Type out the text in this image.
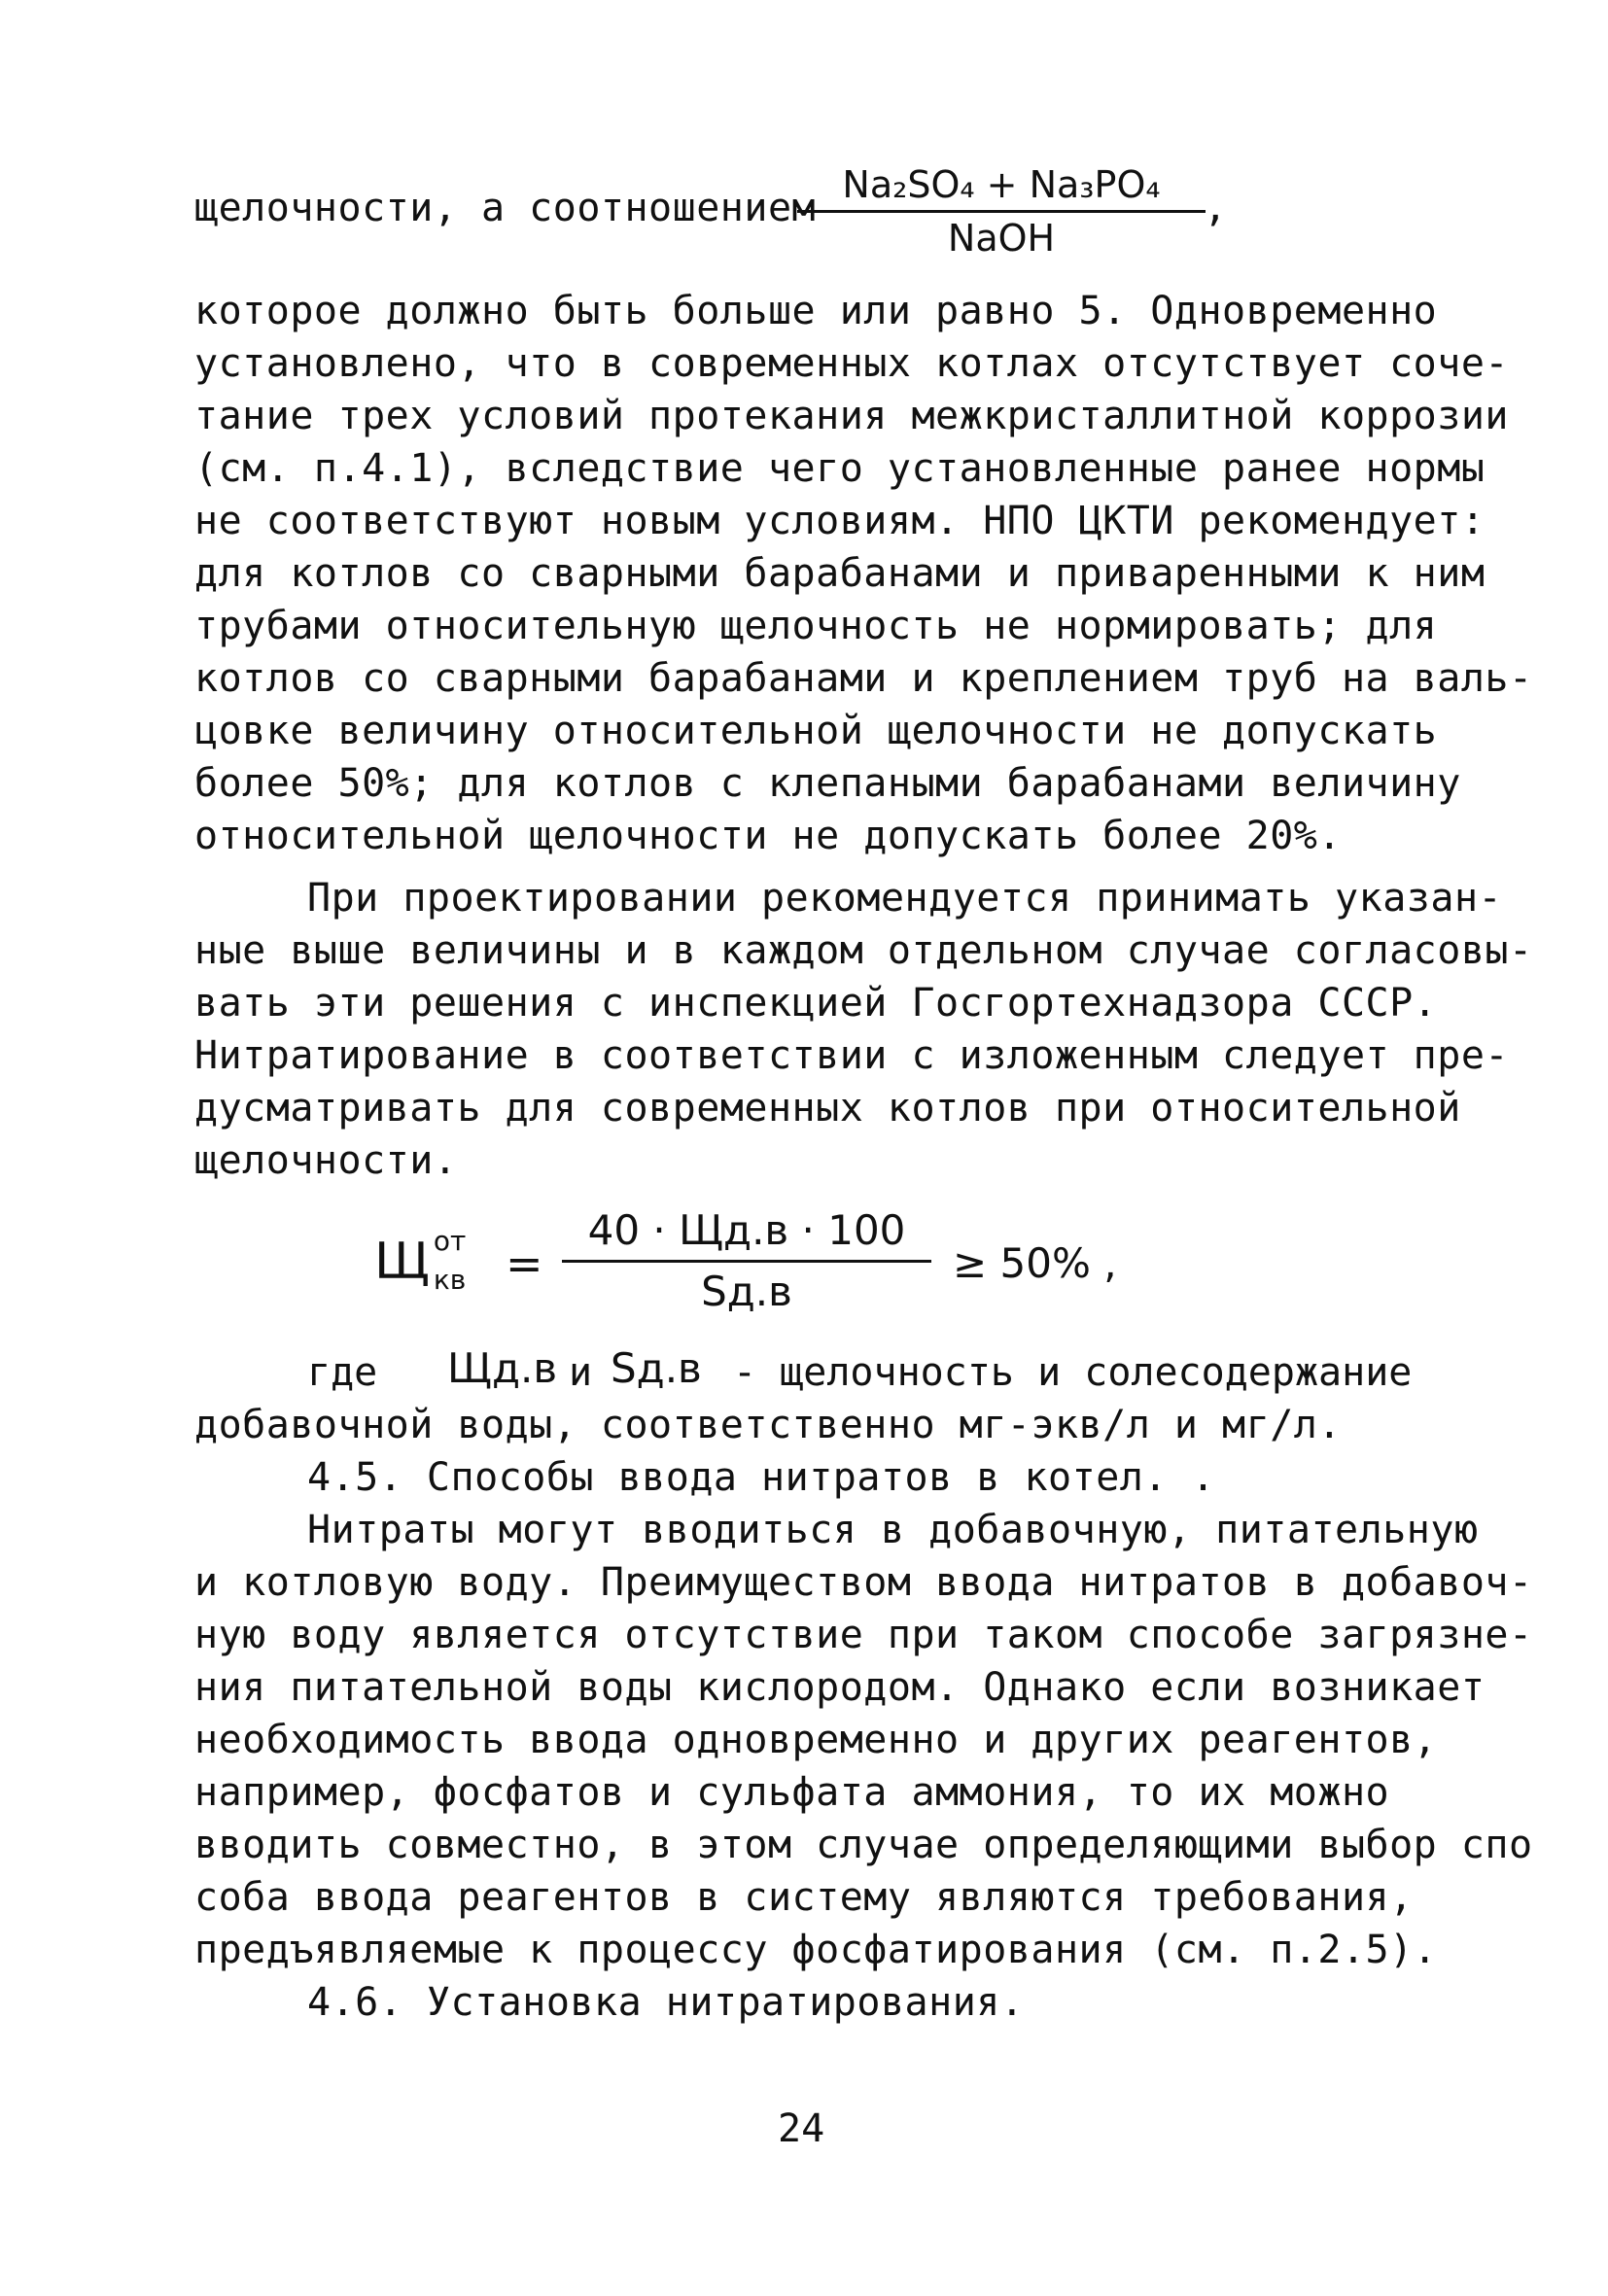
щелочности, а соотношением
Na₂SO₄ + Na₃PO₄
NaOH
,
которое должно быть больше или равно 5. Одновременно
установлено, что в современных котлах отсутствует соче-
тание трех условий протекания межкристаллитной коррозии
(см. п.4.1), вследствие чего установленные ранее нормы
не соответствуют новым условиям. НПО ЦКТИ рекомендует:
для котлов со сварными барабанами и приваренными к ним
трубами относительную щелочность не нормировать; для
котлов со сварными барабанами и креплением труб на валь-
цовке величину относительной щелочности не допускать
более 50%; для котлов с клепаными барабанами величину
относительной щелочности не допускать более 20%.
При проектировании рекомендуется принимать указан-
ные выше величины и в каждом отдельном случае согласовы-
вать эти решения с инспекцией Госгортехнадзора СССР.
Нитратирование в соответствии с изложенным следует пре-
дусматривать для современных котлов при относительной
щелочности.
Щ от
кв =
40 · Щд.в · 100
Sд.в
≥ 50% ,
где Щд.в и Sд.в - щелочность и солесодержание
добавочной воды, соответственно мг-экв/л и мг/л.
4.5. Способы ввода нитратов в котел. .
Нитраты могут вводиться в добавочную, питательную
и котловую воду. Преимуществом ввода нитратов в добавоч-
ную воду является отсутствие при таком способе загрязне-
ния питательной воды кислородом. Однако если возникает
необходимость ввода одновременно и других реагентов,
например, фосфатов и сульфата аммония, то их можно
вводить совместно, в этом случае определяющими выбор спо
соба ввода реагентов в систему являются требования,
предъявляемые к процессу фосфатирования (см. п.2.5).
4.6. Установка нитратирования.
24
